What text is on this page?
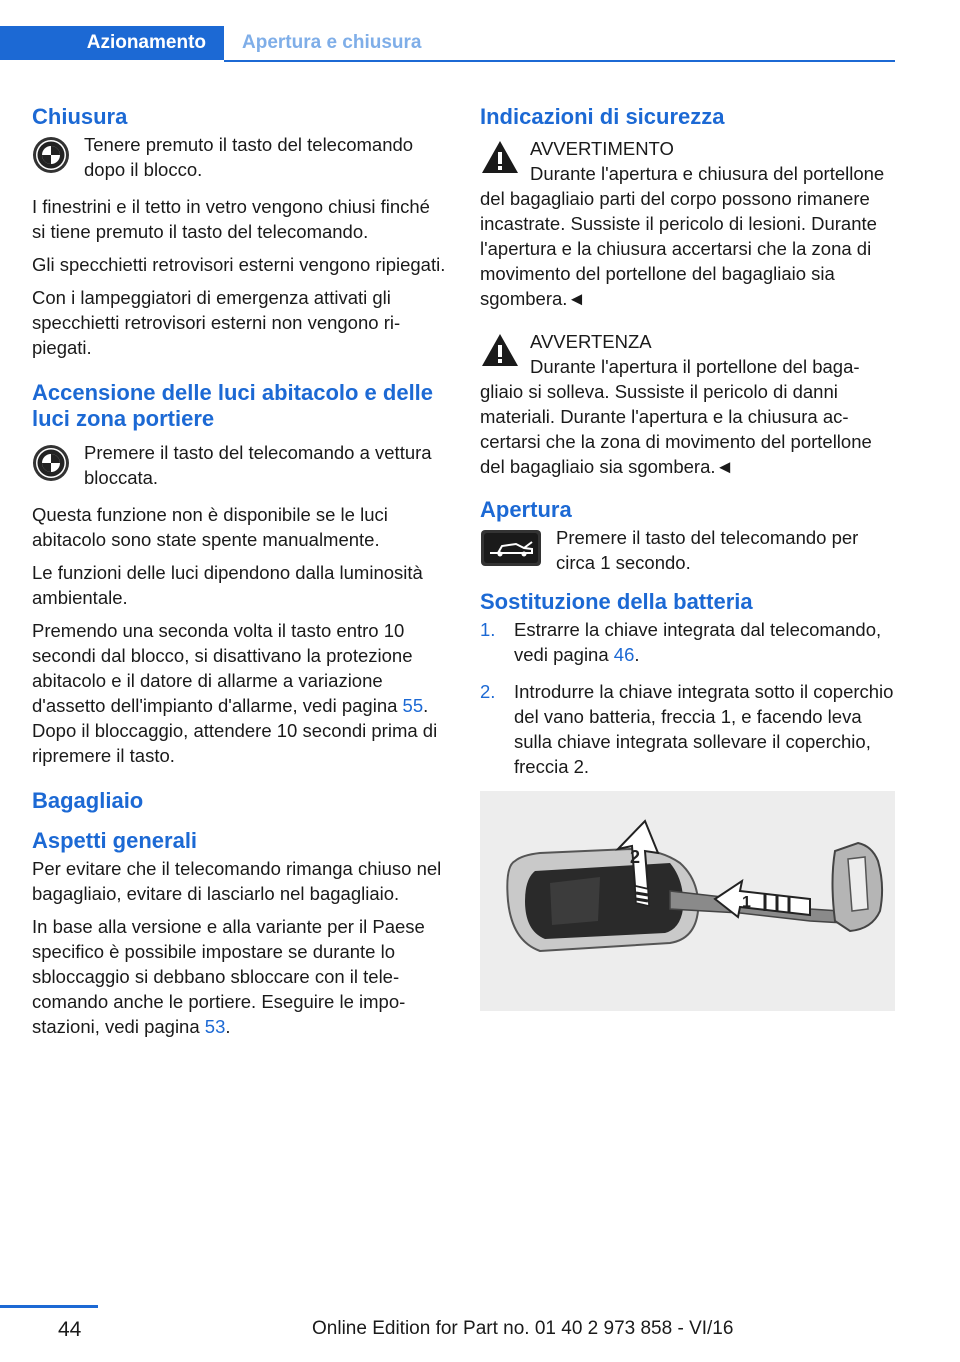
Azionamento	Apertura e chiusura
Chiusura
Tenere premuto il tasto del telecomando dopo il blocco.

I finestrini e il tetto in vetro vengono chiusi finché si tiene premuto il tasto del telecomando.

Gli specchietti retrovisori esterni vengono ripiegati.

Con i lampeggiatori di emergenza attivati gli specchietti retrovisori esterni non vengono ripiegati.

Accensione delle luci abitacolo e delle luci zona portiere
Premere il tasto del telecomando a vettura bloccata.

Questa funzione non è disponibile se le luci abitacolo sono state spente manualmente.

Le funzioni delle luci dipendono dalla luminosità ambientale.

Premendo una seconda volta il tasto entro 10 secondi dal blocco, si disattivano la protezione abitacolo e il datore di allarme a variazione d'assetto dell'impianto d'allarme, vedi pagina 55. Dopo il bloccaggio, attendere 10 secondi prima di ripremere il tasto.

Bagagliaio
Aspetti generali

Per evitare che il telecomando rimanga chiuso nel bagagliaio, evitare di lasciarlo nel bagagliaio.

In base alla versione e alla variante per il Paese specifico è possibile impostare se durante lo sbloccaggio si debbano sbloccare con il telecomando anche le portiere. Eseguire le impostazioni, vedi pagina 53.

Indicazioni di sicurezza
AVVERTIMENTO
Durante l'apertura e chiusura del portellone del bagagliaio parti del corpo possono rimanere incastrate. Sussiste il pericolo di lesioni. Durante l'apertura e la chiusura accertarsi che la zona di movimento del portellone del bagagliaio sia sgombera.◄
AVVERTENZA
Durante l'apertura il portellone del bagagliaio si solleva. Sussiste il pericolo di danni materiali. Durante l'apertura e la chiusura accertarsi che la zona di movimento del portellone del bagagliaio sia sgombera.◄
Apertura
Premere il tasto del telecomando per circa 1 secondo.
Sostituzione della batteria
1.	Estrarre la chiave integrata dal telecomando, vedi pagina 46.
2.	Introdurre la chiave integrata sotto il coperchio del vano batteria, freccia 1, e facendo leva sulla chiave integrata sollevare il coperchio, freccia 2.
2
1
44	Online Edition for Part no. 01 40 2 973 858 - VI/16
